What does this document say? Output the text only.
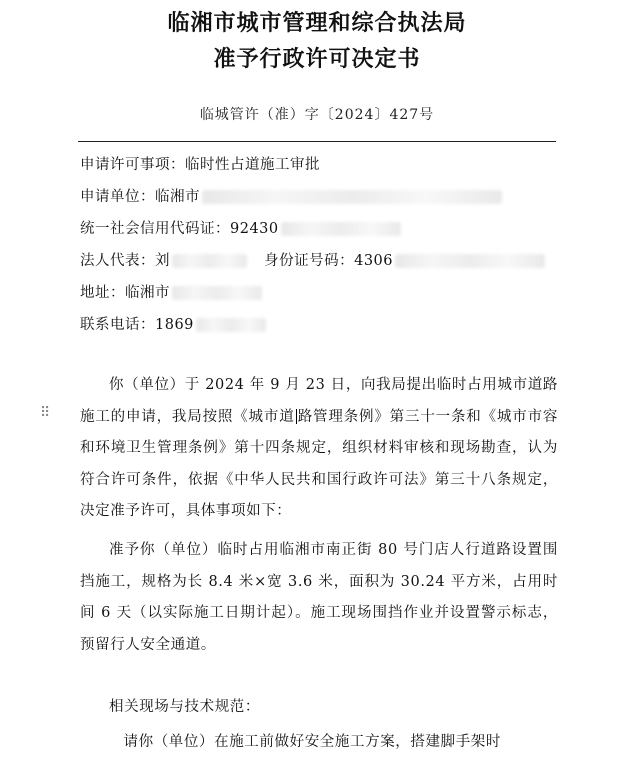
临湘市城市管理和综合执法局
准予行政许可决定书
临城管许（准）字〔2024〕427号
申请许可事项：临时性占道施工审批
申请单位：临湘市
统一社会信用代码证：92430
法人代表：刘	身份证号码：4306
地址：临湘市
联系电话：1869
⠿
你（单位）于 2024 年 9 月 23 日，向我局提出临时占用城市道路施工的申请，我局按照《城市道 路管理条例》第三十一条和《城市市容和环境卫生管理条例》第十四条规定，组织材料审核和现场勘查，认为符合许可条件，依据《中华人民共和国行政许可法》第三十八条规定，决定准予许可，具体事项如下：
准予你（单位）临时占用临湘市南正街 80 号门店人行道路设置围挡施工，规格为长 8.4 米×宽 3.6 米，面积为 30.24 平方米，占用时间 6 天（以实际施工日期计起）。施工现场围挡作业并设置警示标志，预留行人安全通道。
相关现场与技术规范：
请你（单位）在施工前做好安全施工方案，搭建脚手架时
